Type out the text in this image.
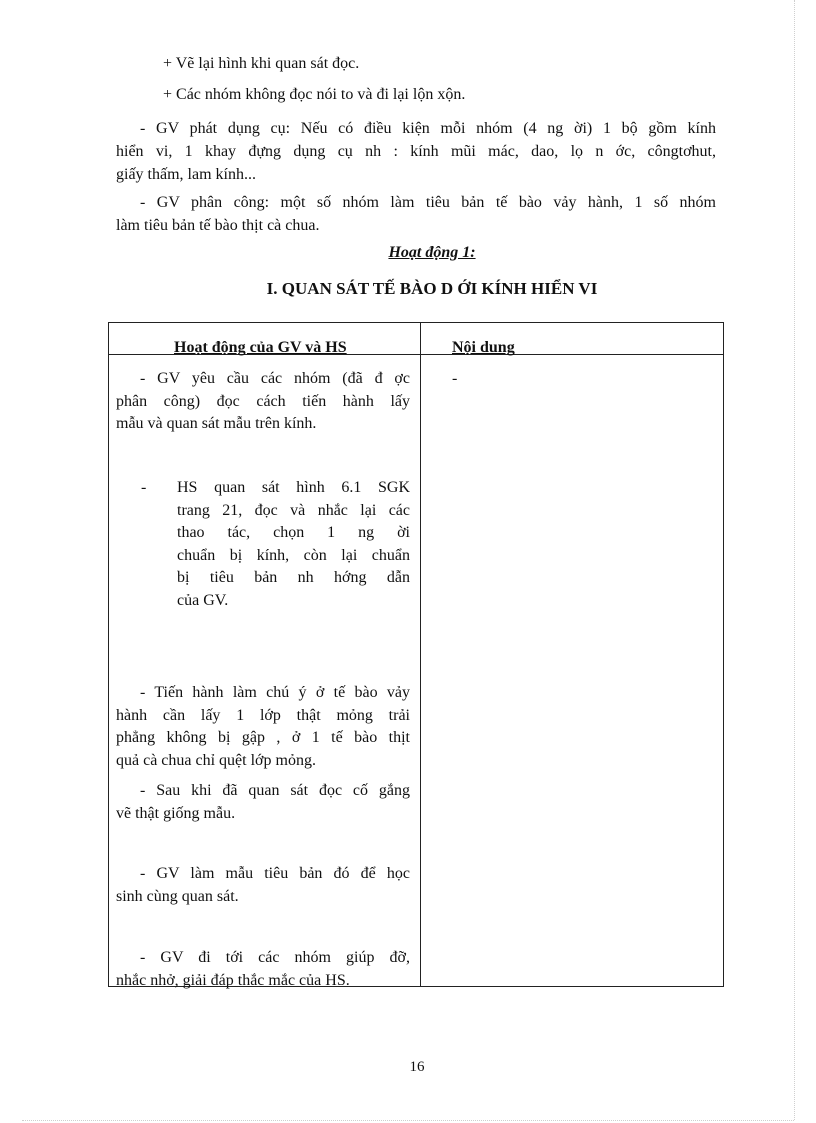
+ Vẽ lại hình khi quan sát đọc.
+ Các nhóm không đọc nói to và đi lại lộn xộn.
- GV phát dụng cụ: Nếu có điều kiện mỗi nhóm (4 ng ời) 1 bộ gồm kính
hiển vi, 1 khay đựng dụng cụ nh : kính mũi mác, dao, lọ n ớc, côngtơhut,
giấy thấm, lam kính...
- GV phân công: một số nhóm làm tiêu bản tế bào vảy hành, 1 số nhóm
làm tiêu bản tế bào thịt cà chua.
Hoạt động 1:
I. QUAN SÁT TẾ BÀO D ỚI KÍNH HIỂN VI
Hoạt động của GV và HS	Nội dung
-
- GV yêu cầu các nhóm (đã đ ợc
phân công) đọc cách tiến hành lấy
mẫu và quan sát mẫu trên kính.
- HS quan sát hình 6.1 SGK
trang 21, đọc và nhắc lại các
thao tác, chọn 1 ng ời
chuẩn bị kính, còn lại chuẩn
bị tiêu bản nh hớng dẫn
của GV.
- Tiến hành làm chú ý ở tế bào vảy
hành cần lấy 1 lớp thật mỏng trải
phẳng không bị gập , ở 1 tế bào thịt
quả cà chua chỉ quệt lớp mỏng.
- Sau khi đã quan sát đọc cố gắng
vẽ thật giống mẫu.
- GV làm mẫu tiêu bản đó để học
sinh cùng quan sát.
- GV đi tới các nhóm giúp đỡ,
nhắc nhở, giải đáp thắc mắc của HS.
16
